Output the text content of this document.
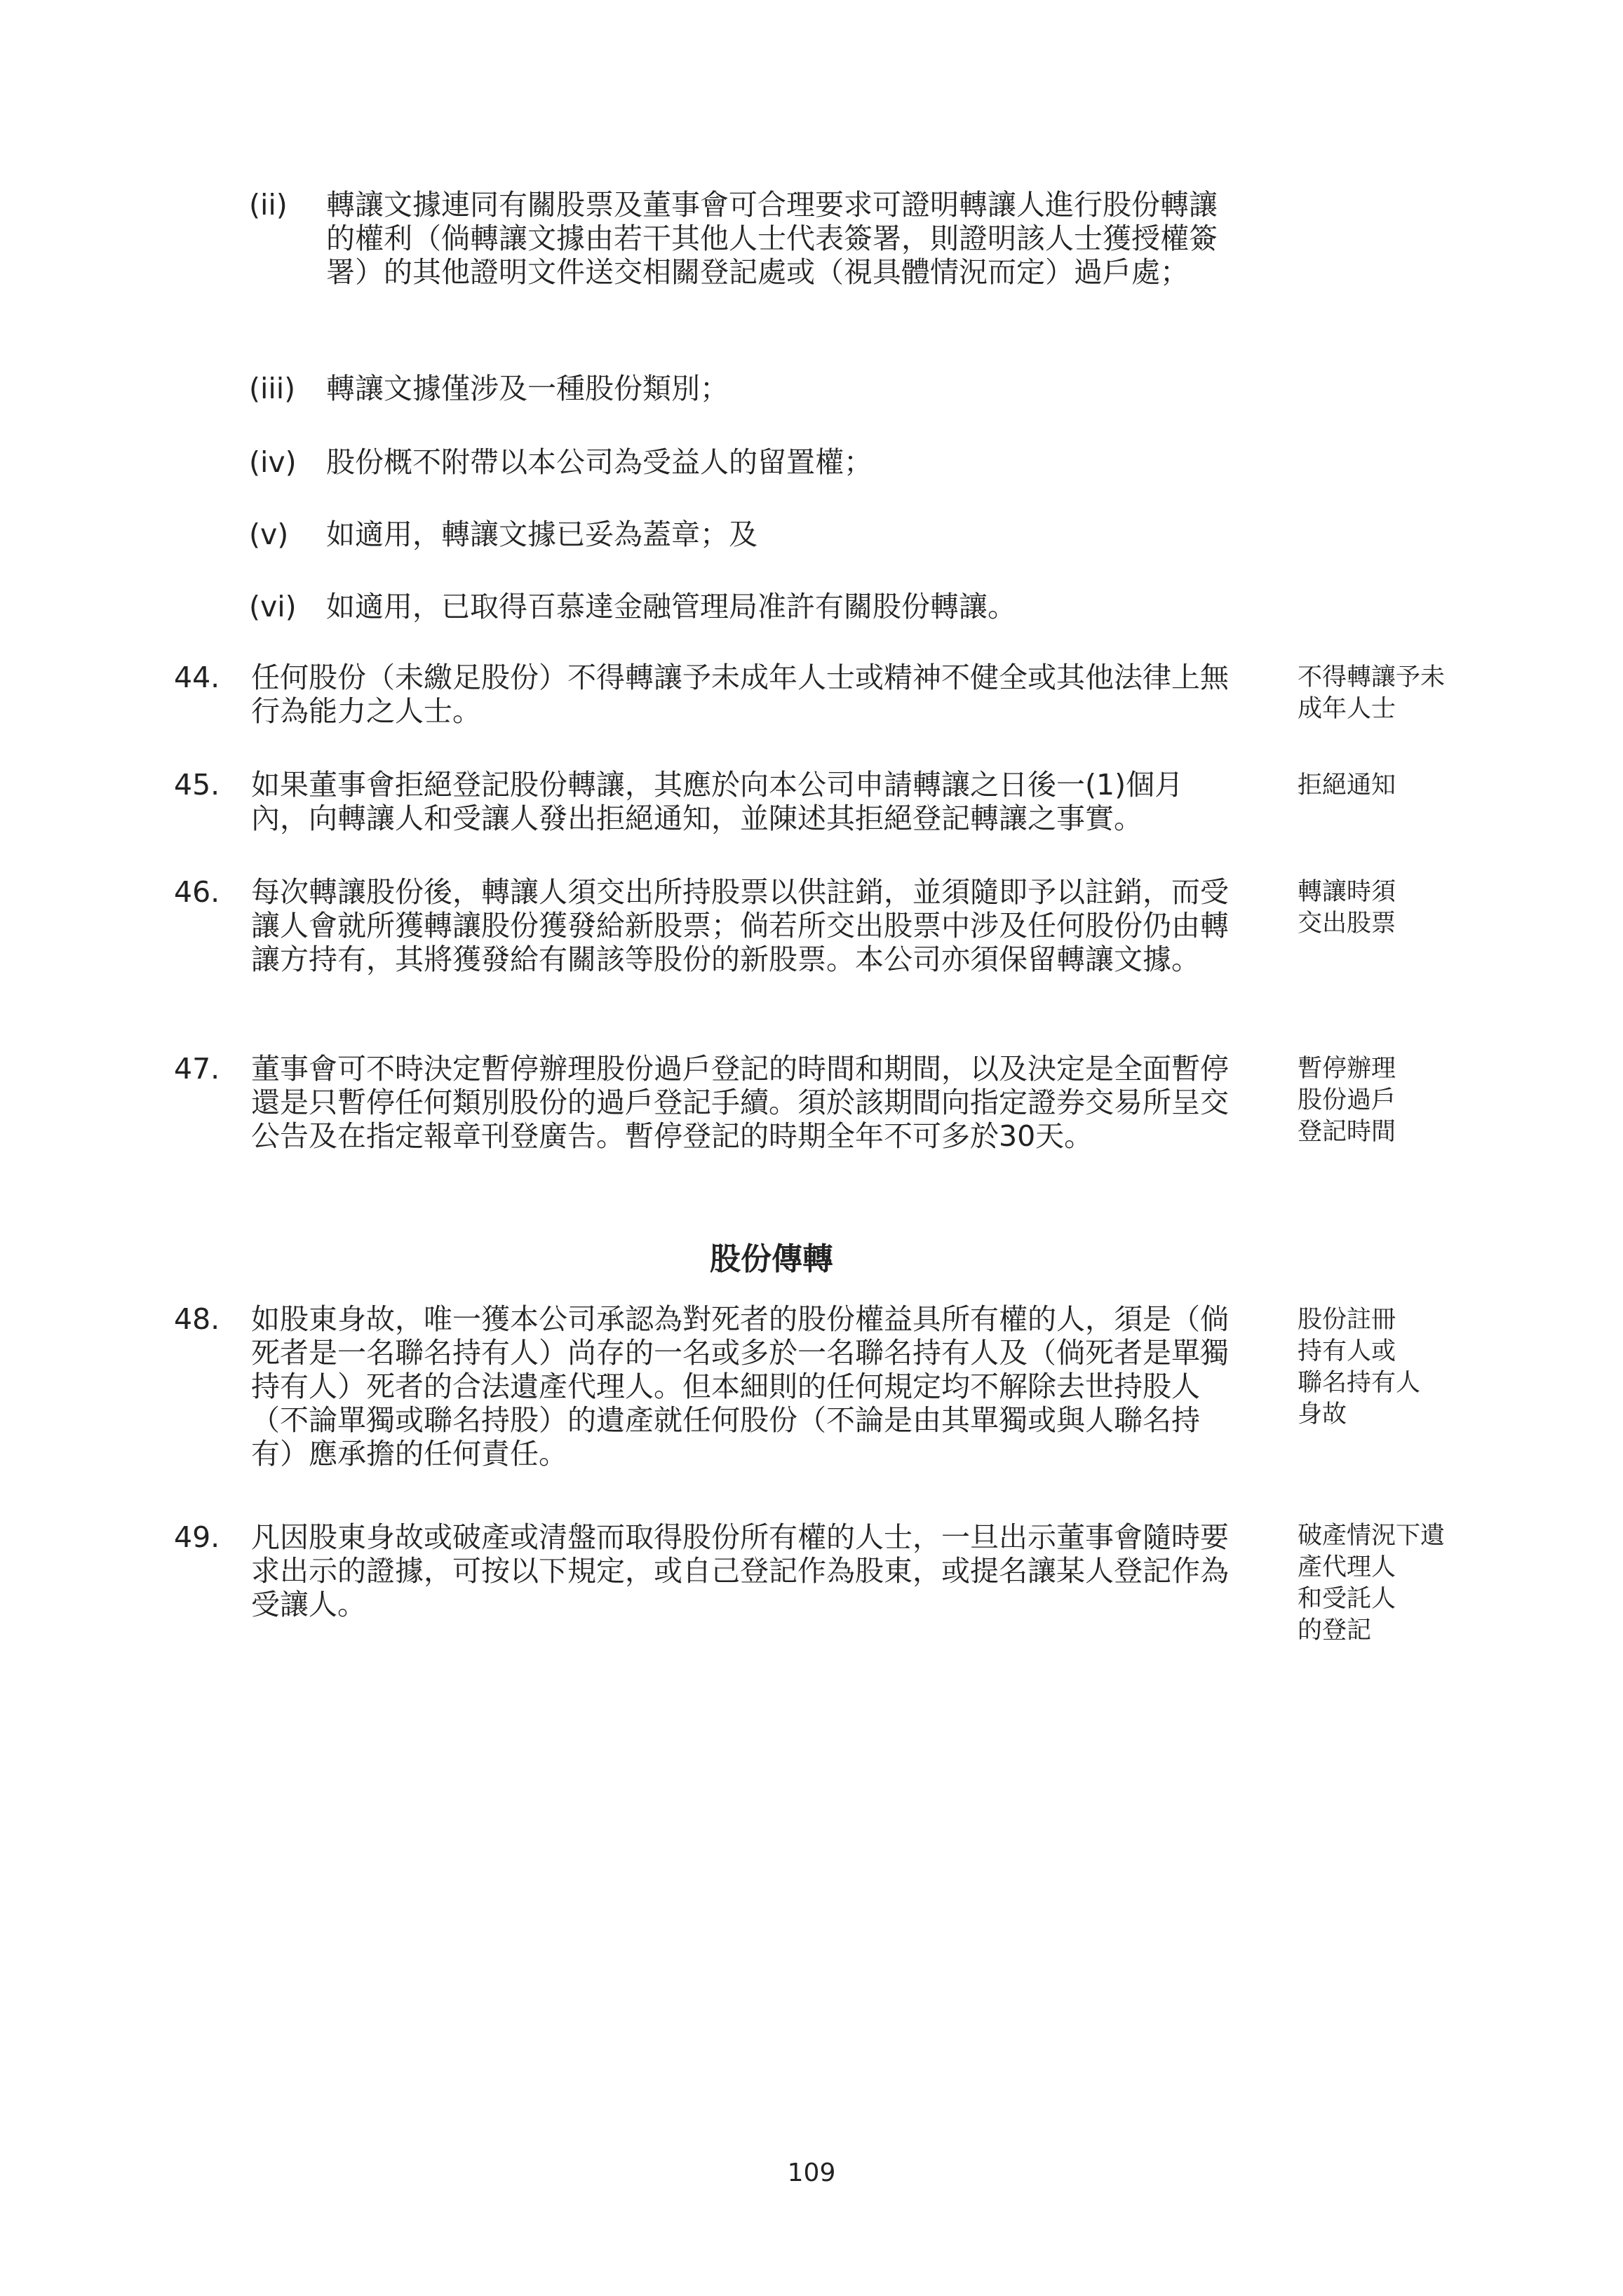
(ii) 轉讓文據連同有關股票及董事會可合理要求可證明轉讓人進行股份轉讓的權利（倘轉讓文據由若干其他人士代表簽署，則證明該人士獲授權簽署）的其他證明文件送交相關登記處或（視具體情況而定）過戶處；
(iii) 轉讓文據僅涉及一種股份類別；
(iv) 股份概不附帶以本公司為受益人的留置權；
(v) 如適用，轉讓文據已妥為蓋章；及
(vi) 如適用，已取得百慕達金融管理局准許有關股份轉讓。
44. 任何股份（未繳足股份）不得轉讓予未成年人士或精神不健全或其他法律上無行為能力之人士。
不得轉讓予未
成年人士
45. 如果董事會拒絕登記股份轉讓，其應於向本公司申請轉讓之日後一(1)個月內，向轉讓人和受讓人發出拒絕通知，並陳述其拒絕登記轉讓之事實。
拒絕通知
46. 每次轉讓股份後，轉讓人須交出所持股票以供註銷，並須隨即予以註銷，而受讓人會就所獲轉讓股份獲發給新股票；倘若所交出股票中涉及任何股份仍由轉讓方持有，其將獲發給有關該等股份的新股票。本公司亦須保留轉讓文據。
轉讓時須
交出股票
47. 董事會可不時決定暫停辦理股份過戶登記的時間和期間，以及決定是全面暫停還是只暫停任何類別股份的過戶登記手續。須於該期間向指定證券交易所呈交公告及在指定報章刊登廣告。暫停登記的時期全年不可多於30天。
暫停辦理
股份過戶
登記時間
股份傳轉
48. 如股東身故，唯一獲本公司承認為對死者的股份權益具所有權的人，須是（倘死者是一名聯名持有人）尚存的一名或多於一名聯名持有人及（倘死者是單獨持有人）死者的合法遺產代理人。但本細則的任何規定均不解除去世持股人（不論單獨或聯名持股）的遺產就任何股份（不論是由其單獨或與人聯名持有）應承擔的任何責任。
股份註冊
持有人或
聯名持有人
身故
49. 凡因股東身故或破產或清盤而取得股份所有權的人士，一旦出示董事會隨時要求出示的證據，可按以下規定，或自己登記作為股東，或提名讓某人登記作為受讓人。
破產情況下遺
產代理人
和受託人
的登記
109
